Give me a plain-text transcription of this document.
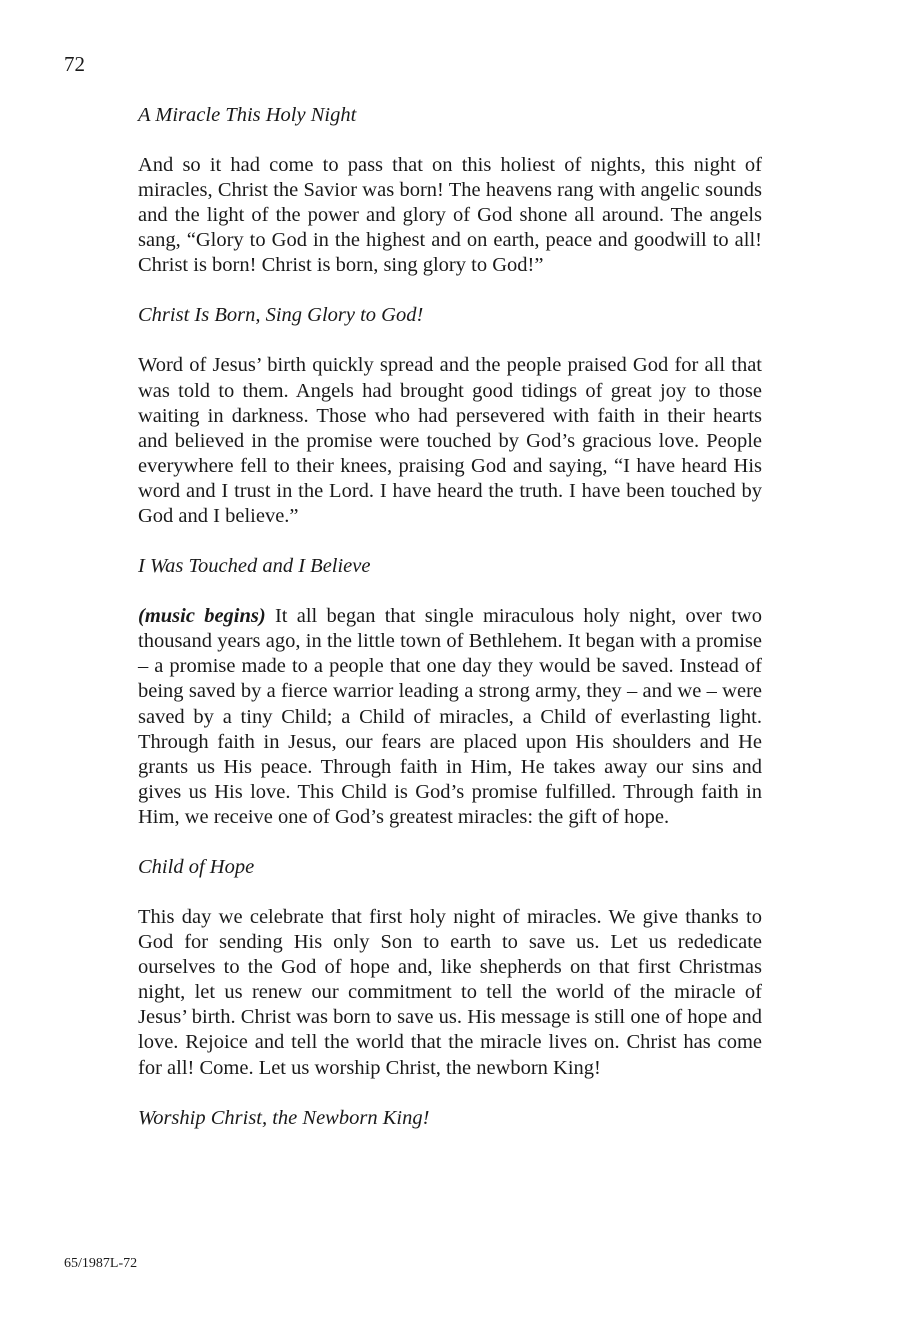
72
A Miracle This Holy Night
And so it had come to pass that on this holiest of nights, this night of miracles, Christ the Savior was born! The heavens rang with angelic sounds and the light of the power and glory of God shone all around. The angels sang, “Glory to God in the highest and on earth, peace and goodwill to all! Christ is born! Christ is born, sing glory to God!”
Christ Is Born, Sing Glory to God!
Word of Jesus’ birth quickly spread and the people praised God for all that was told to them. Angels had brought good tidings of great joy to those waiting in darkness. Those who had persevered with faith in their hearts and believed in the promise were touched by God’s gracious love. People everywhere fell to their knees, praising God and saying, “I have heard His word and I trust in the Lord. I have heard the truth. I have been touched by God and I believe.”
I Was Touched and I Believe
(music begins) It all began that single miraculous holy night, over two thousand years ago, in the little town of Bethlehem. It began with a promise – a promise made to a people that one day they would be saved. Instead of being saved by a fierce warrior leading a strong army, they – and we – were saved by a tiny Child; a Child of miracles, a Child of everlasting light. Through faith in Jesus, our fears are placed upon His shoulders and He grants us His peace. Through faith in Him, He takes away our sins and gives us His love. This Child is God’s promise fulfilled. Through faith in Him, we receive one of God’s greatest miracles: the gift of hope.
Child of Hope
This day we celebrate that first holy night of miracles. We give thanks to God for sending His only Son to earth to save us. Let us rededicate ourselves to the God of hope and, like shepherds on that first Christmas night, let us renew our commitment to tell the world of the miracle of Jesus’ birth. Christ was born to save us. His message is still one of hope and love. Rejoice and tell the world that the miracle lives on. Christ has come for all! Come. Let us worship Christ, the newborn King!
Worship Christ, the Newborn King!
65/1987L-72
